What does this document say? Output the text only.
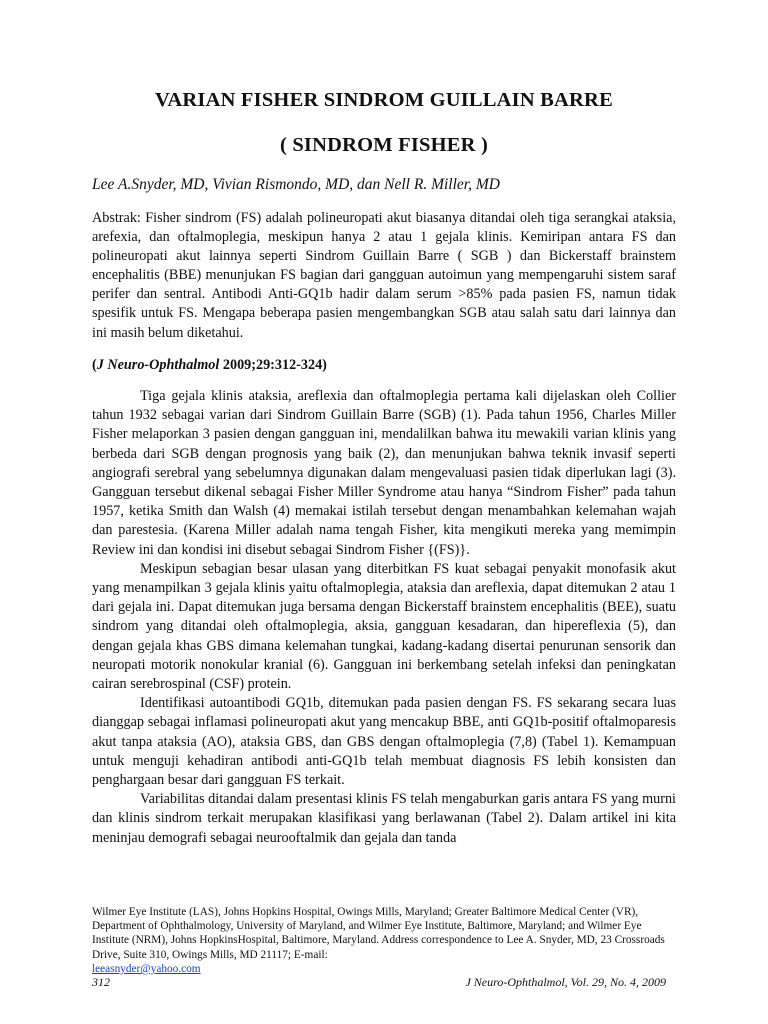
VARIAN FISHER SINDROM GUILLAIN BARRE
( SINDROM FISHER )
Lee A.Snyder, MD, Vivian Rismondo, MD, dan Nell R. Miller, MD

Abstrak: Fisher sindrom (FS) adalah polineuropati akut biasanya ditandai oleh tiga serangkai ataksia, arefexia, dan oftalmoplegia, meskipun hanya 2 atau 1 gejala klinis. Kemiripan antara FS dan polineuropati akut lainnya seperti Sindrom Guillain Barre ( SGB ) dan Bickerstaff brainstem encephalitis (BBE) menunjukan FS bagian dari gangguan autoimun yang mempengaruhi sistem saraf perifer dan sentral. Antibodi Anti-GQ1b hadir dalam serum >85% pada pasien FS, namun tidak spesifik untuk FS. Mengapa beberapa pasien mengembangkan SGB atau salah satu dari lainnya dan ini masih belum diketahui.

(J Neuro-Ophthalmol 2009;29:312-324)

Tiga gejala klinis ataksia, areflexia dan oftalmoplegia pertama kali dijelaskan oleh Collier tahun 1932 sebagai varian dari Sindrom Guillain Barre (SGB) (1). Pada tahun 1956, Charles Miller Fisher melaporkan 3 pasien dengan gangguan ini, mendalilkan bahwa itu mewakili varian klinis yang berbeda dari SGB dengan prognosis yang baik (2), dan menunjukan bahwa teknik invasif seperti angiografi serebral yang sebelumnya digunakan dalam mengevaluasi pasien tidak diperlukan lagi (3). Gangguan tersebut dikenal sebagai Fisher Miller Syndrome atau hanya “Sindrom Fisher” pada tahun 1957, ketika Smith dan Walsh (4) memakai istilah tersebut dengan menambahkan kelemahan wajah dan parestesia. (Karena Miller adalah nama tengah Fisher, kita mengikuti mereka yang memimpin Review ini dan kondisi ini disebut sebagai Sindrom Fisher {(FS)}.

Meskipun sebagian besar ulasan yang diterbitkan FS kuat sebagai penyakit monofasik akut yang menampilkan 3 gejala klinis yaitu oftalmoplegia, ataksia dan areflexia, dapat ditemukan 2 atau 1 dari gejala ini. Dapat ditemukan juga bersama dengan Bickerstaff brainstem encephalitis (BEE), suatu sindrom yang ditandai oleh oftalmoplegia, aksia, gangguan kesadaran, dan hipereflexia (5), dan dengan gejala khas GBS dimana kelemahan tungkai, kadang-kadang disertai penurunan sensorik dan neuropati motorik nonokular kranial (6). Gangguan ini berkembang setelah infeksi dan peningkatan cairan serebrospinal (CSF) protein.

Identifikasi autoantibodi GQ1b, ditemukan pada pasien dengan FS. FS sekarang secara luas dianggap sebagai inflamasi polineuropati akut yang mencakup BBE, anti GQ1b-positif oftalmoparesis akut tanpa ataksia (AO), ataksia GBS, dan GBS dengan oftalmoplegia (7,8) (Tabel 1). Kemampuan untuk menguji kehadiran antibodi anti-GQ1b telah membuat diagnosis FS lebih konsisten dan penghargaan besar dari gangguan FS terkait.

Variabilitas ditandai dalam presentasi klinis FS telah mengaburkan garis antara FS yang murni dan klinis sindrom terkait merupakan klasifikasi yang berlawanan (Tabel 2). Dalam artikel ini kita meninjau demografi sebagai neurooftalmik dan gejala dan tanda

Wilmer Eye Institute (LAS), Johns Hopkins Hospital, Owings Mills, Maryland; Greater Baltimore Medical Center (VR), Department of Ophthalmology, University of Maryland, and Wilmer Eye Institute, Baltimore, Maryland; and Wilmer Eye Institute (NRM), Johns HopkinsHospital, Baltimore, Maryland. Address correspondence to Lee A. Snyder, MD, 23 Crossroads Drive, Suite 310, Owings Mills, MD 21117; E-mail:
leeasnyder@yahoo.com

312	J Neuro-Ophthalmol, Vol. 29, No. 4, 2009
